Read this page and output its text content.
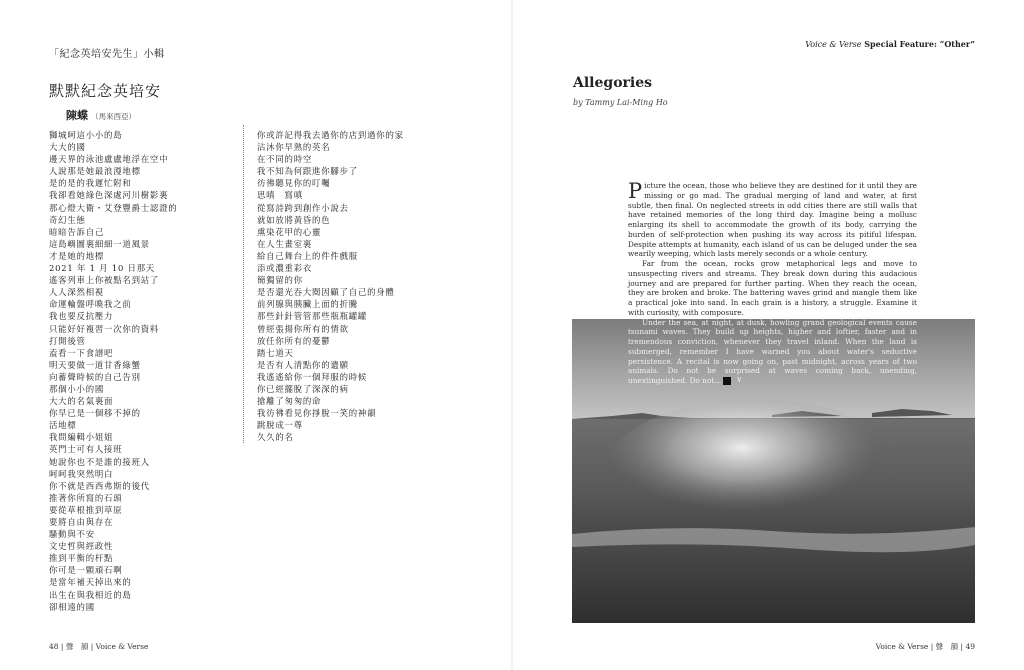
「紀念英培安先生」小輯
默默紀念英培安
陳蝶 （馬來西亞）
獅城呵這小小的島
大大的國
邊天界的泳池盧盧地浮在空中
人說那是她最浪漫地標
是的是的我遲忙附和
我卻看她綠色深處河川樹影裏
那心燈大衛・艾登豐爵士認證的
奇幻生態
暗暗告訴自己
這島嶼圖裏細細一道風景
才是她的地標
2021 年 1 月 10 日那天
遙客列車上你被點名到站了
人人深然相視
命運輪盤呼喚我之前
我也要反抗壓力
只能好好複習一次你的資料
打開後管
盍看一下食譜吧
明天要做一道甘香綠蟹
向蓄聲時候的自己告別
那個小小的國
大大的名氣裏面
你早已是一個移不掉的
活地標
我問編輯小姐姐
英門士可有人接班
她說你也不是誰的接班人
呵呵我突然明白
你不就是西西弗斯的後代
推著你所寫的石頭
要從草根推到草原
要將自由與存在
騷動與不安
文史哲與經政性
推到平衡的杆點
你可是一顆頑石啊
是當年補天掉出來的
出生在與我相近的島
卻相遠的國
你或許記得我去過你的店到過你的家
沾沐你早熟的英名
在不同的時空
我不知為何跟進你腳步了
彷彿聽見你的叮囑
思嗔　寫嗔
從寫詩跨到創作小說去
就如放將黃昏的色
熏染花甲的心靈
在人生畫室裏
給自己舞台上的件件戲服
添或濃重彩衣
簡獨留的你
是否還光吞大閱因顧了自己的身體
前列腺與胰臟上面的折騰
那些針針管管那些瓶瓶罐罐
曾經張揚你所有的情欲
放任你所有的憂鬱
踏七道天
是否有人清點你的遺願
我遙遙給你一個拜服的時候
你已經擺脫了深深的病
搶離了匆匆的命
我彷彿看見你掙脫一笑的神韻
跳脫成一尊
久久的名
48 | 聲　韻 | Voice & Verse
Voice & Verse Special Feature: “Other”
Allegories
by Tammy Lai-Ming Ho

Picture the ocean, those who believe they are destined for it until they are missing or go mad. The gradual merging of land and water, at first subtle, then final. On neglected streets in odd cities there are still walls that have retained memories of the long third day. Imagine being a mollusc enlarging its shell to accommodate the growth of its body, carrying the burden of self-protection when pushing its way across its pitiful lifespan. Despite attempts at humanity, each island of us can be deluged under the sea wearily weeping, which lasts merely seconds or a whole century.

Far from the ocean, rocks grow metaphorical legs and move to unsuspecting rivers and streams. They break down during this audacious journey and are prepared for further parting. When they reach the ocean, they are broken and broke. The battering waves grind and mangle them like a practical joke into sand. In each grain is a history, a struggle. Examine it with curiosity, with composure.

Under the sea, at night, at dusk, howling grand geological events cause tsunami waves. They build up heights, higher and loftier, faster and in tremendous conviction, whenever they travel inland. When the land is submerged, remember I have warned you about water's seductive persistence. A recital is now going on, past midnight, across years of two animals. Do not be surprised at waves coming back, unending, unextinguished. Do not...	V

Voice & Verse | 聲　韻 | 49
